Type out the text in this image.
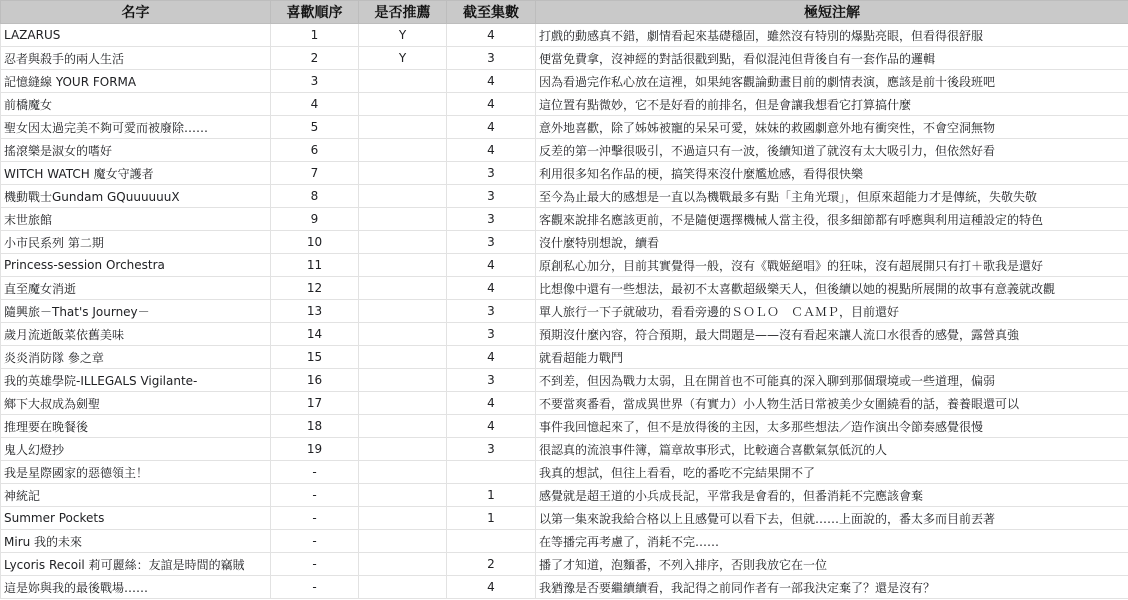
名字	喜歡順序	是否推薦	截至集數	極短注解
LAZARUS	1	Y	4	打戲的動感真不錯，劇情看起來基礎穩固，雖然沒有特別的爆點亮眼，但看得很舒服
忍者與殺手的兩人生活	2	Y	3	便當免費拿，沒神經的對話很戳到點，看似混沌但背後自有一套作品的邏輯
記憶縫線 YOUR FORMA	3		4	因為看過完作私心放在這裡，如果純客觀論動畫目前的劇情表演，應該是前十後段班吧
前橋魔女	4		4	這位置有點微妙，它不是好看的前排名，但是會讓我想看它打算搞什麼
聖女因太過完美不夠可愛而被廢除……	5		4	意外地喜歡，除了姊姊被寵的呆呆可愛，妹妹的救國劇意外地有衝突性，不會空洞無物
搖滾樂是淑女的嗜好	6		4	反差的第一沖擊很吸引，不過這只有一波，後續知道了就沒有太大吸引力，但依然好看
WITCH WATCH 魔女守護者	7		3	利用很多知名作品的梗，搞笑得來沒什麼尷尬感，看得很快樂
機動戰士Gundam GQuuuuuuX	8		3	至今為止最大的感想是一直以為機戰最多有點「主角光環」，但原來超能力才是傳統，失敬失敬
末世旅館	9		3	客觀來說排名應該更前，不是隨便選擇機械人當主役，很多細節都有呼應與利用這種設定的特色
小市民系列 第二期	10		3	沒什麼特別想說，續看
Princess-session Orchestra	11		4	原創私心加分，目前其實覺得一般，沒有《戰姬絕唱》的狂味，沒有超展開只有打＋歌我是還好
直至魔女消逝	12		4	比想像中還有一些想法，最初不太喜歡超級樂天人，但後續以她的視點所展開的故事有意義就改觀
隨興旅－That's Journey－	13		3	單人旅行一下子就破功，看看旁邊的ＳＯＬＯ　ＣＡＭＰ，目前還好
歲月流逝飯菜依舊美味	14		3	預期沒什麼內容，符合預期，最大問題是——沒有看起來讓人流口水很香的感覺，露營真強
炎炎消防隊 參之章	15		4	就看超能力戰鬥
我的英雄學院-ILLEGALS Vigilante-	16		3	不到差，但因為戰力太弱，且在開首也不可能真的深入聊到那個環境或一些道理，偏弱
鄉下大叔成為劍聖	17		4	不要當爽番看，當成異世界（有實力）小人物生活日常被美少女圍繞看的話，養養眼還可以
推理要在晚餐後	18		4	事件我回憶起來了，但不是放得後的主因，太多那些想法／造作演出令節奏感覺很慢
鬼人幻燈抄	19		3	很認真的流浪事件簿，篇章故事形式，比較適合喜歡氣氛低沉的人
我是星際國家的惡德領主！	-			我真的想試，但往上看看，吃的番吃不完結果開不了
神統記	-		1	感覺就是超王道的小兵成長記，平常我是會看的，但番消耗不完應該會棄
Summer Pockets	-		1	以第一集來說我給合格以上且感覺可以看下去，但就……上面說的，番太多而目前丟著
Miru 我的未來	-			在等播完再考慮了，消耗不完……
Lycoris Recoil 莉可麗絲：友誼是時間的竊賊	-		2	播了才知道，泡麵番，不列入排序，否則我放它在一位
這是妳與我的最後戰場……	-		4	我猶豫是否要繼續續看，我記得之前同作者有一部我決定棄了？還是沒有？
